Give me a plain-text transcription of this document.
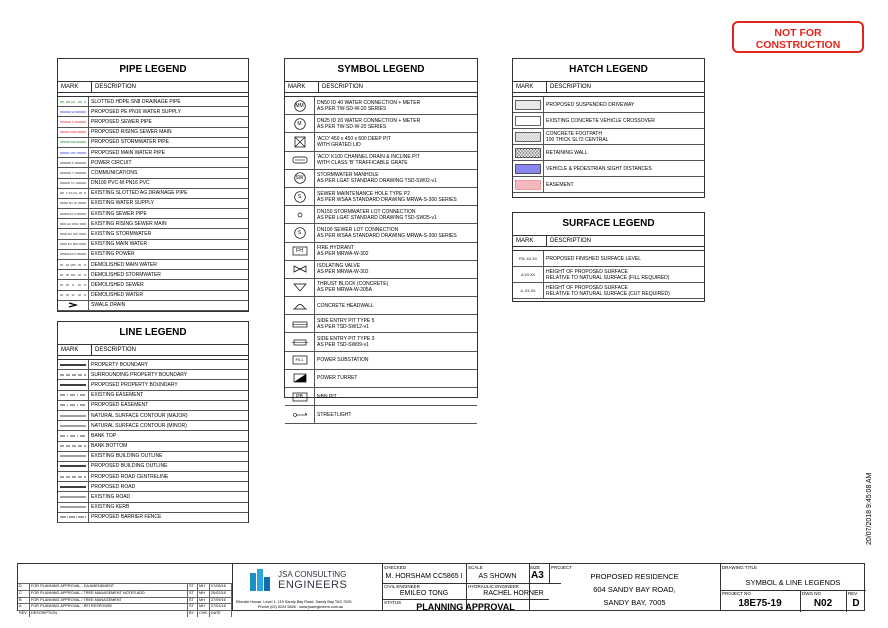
NOT FOR CONSTRUCTION
PIPE LEGEND
MARK	DESCRIPTION
AG	SLOTTED HDPE SN8 DRAINAGE PIPE
W	PROPOSED PE PN16 WATER SUPPLY
S	PROPOSED SEWER PIPE
RSM	PROPOSED RISING SEWER MAIN
SW	PROPOSED STORMWATER PIPE
MW	PROPOSED MAIN WATER PIPE
P	POWER CIRCUIT
T	COMMUNICATIONS
F1	DN100 PVC-M PN16 PVC
EX AG	EXISTING SLOTTED AG DRAINAGE PIPE
EX W	EXISTING WATER SUPPLY
EX S	EXISTING SEWER PIPE
EX RSM	EXISTING RISING SEWER MAIN
EX SW	EXISTING STORMWATER
EX MW	EXISTING MAIN WATER
EX P	EXISTING POWER
MW	DEMOLISHED MAIN WATER
SW	DEMOLISHED STORMWATER
S	DEMOLISHED SEWER
W	DEMOLISHED WATER
SWALE DRAIN
LINE LEGEND
MARK	DESCRIPTION
PROPERTY BOUNDARY
SURROUNDING PROPERTY BOUNDARY
PROPOSED PROPERTY BOUNDARY
EXISTING EASEMENT
PROPOSED EASEMENT
NATURAL SURFACE CONTOUR (MAJOR)
NATURAL SURFACE CONTOUR (MINOR)
BANK TOP
BANK BOTTOM
EXISTING BUILDING OUTLINE
PROPOSED BUILDING OUTLINE
PROPOSED ROAD CENTRELINE
PROPOSED ROAD
EXISTING ROAD
EXISTING KERB
PROPOSED BARRIER FENCE
SYMBOL LEGEND
MARK	DESCRIPTION
MM	DN50 ID 40 WATER CONNECTION + METER
AS PER TW-SD-W-20 SERIES
M	DN25 ID 20 WATER CONNECTION + METER
AS PER TW-SD-W-20 SERIES
'ACO' 450 x 450 x 600 DEEP PIT
WITH GRATED LID
'ACO' K100 CHANNEL DRAIN & INCLINE PIT
WITH CLASS 'B' TRAFFICABLE GRATE
SW	STORMWATER MANHOLE
AS PER LGAT STANDARD DRAWING TSD-SW02-v1
S	SEWER MAINTENANCE HOLE TYPE P2
AS PER WSAA STANDARD DRAWING MRWA-S-300 SERIES
DN150 STORMWATER LOT CONNECTION
AS PER LGAT STANDARD DRAWING TSD-SW25-v1
S	DN100 SEWER LOT CONNECTION
AS PER WSAA STANDARD DRAWING MRWA-S-300 SERIES
FH	FIRE HYDRANT
AS PER MRWA-W-302
ISOLATING VALVE
AS PER MRWA-W-302
THRUST BLOCK (CONCRETE)
AS PER MRWA-W-205A
CONCRETE HEADWALL
SIDE ENTRY PIT TYPE 5
AS PER TSD-SW12-v1
SIDE ENTRY PIT TYPE 3
AS PER TSD-SW09-v1
PS-1	POWER SUBSTATION
POWER TURRET
PB	NBN PIT
STREETLIGHT
HATCH LEGEND
MARK	DESCRIPTION
PROPOSED SUSPENDED DRIVEWAY
EXISTING CONCRETE VEHICLE CROSSOVER
CONCRETE FOOTPATH
100 THICK SL72 CENTRAL
RETAINING WALL
VEHICLE & PEDESTRIAN SIGHT DISTANCES
EASEMENT
SURFACE LEGEND
MARK	DESCRIPTION
FSL XX.XX	PROPOSED FINISHED SURFACE LEVEL
Δ XX.XX	HEIGHT OF PROPOSED SURFACE
RELATIVE TO NATURAL SURFACE (FILL REQUIRED)
Δ -XX.XX	HEIGHT OF PROPOSED SURFACE
RELATIVE TO NATURAL SURFACE (CUT REQUIRED)
D	FOR PLANNING APPROVAL - DA AMENDMENT	ST	MH	07/08/18
C	FOR PLANNING APPROVAL / TREE MANAGEMENT NOTES ADD	ST	MH	20/02/18
B	FOR PLANNING APPROVAL / TREE MANAGEMENT	ST	MH	27/09/16
A	FOR PLANNING APPROVAL - RFI RESPONSE	ST	MH	27/01/16
REV	DESCRIPTION	BY	CHK	DATE
JSA CONSULTING
ENGINEERS
Ellerslie House, Level 1, 119 Sandy Bay Road, Sandy Bay TAS 7005
Phone (03) 6224 5826 · www.jsaengineers.com.au
CHECKED
M. HORSHAM CC5865 I
CIVIL ENGINEER
EMILEO TONG
SCALE
AS SHOWN
HYDRAULIC ENGINEER
RACHEL HORNER
SIZE
A3
STATUS	PLANNING APPROVAL
PROJECT
PROPOSED RESIDENCE
604 SANDY BAY ROAD,
SANDY BAY, 7005
DRAWING TITLE
SYMBOL & LINE LEGENDS
PROJECT NO
18E75-19
DWG NO
N02
REV
D
20/07/2018 9:45:08 AM
